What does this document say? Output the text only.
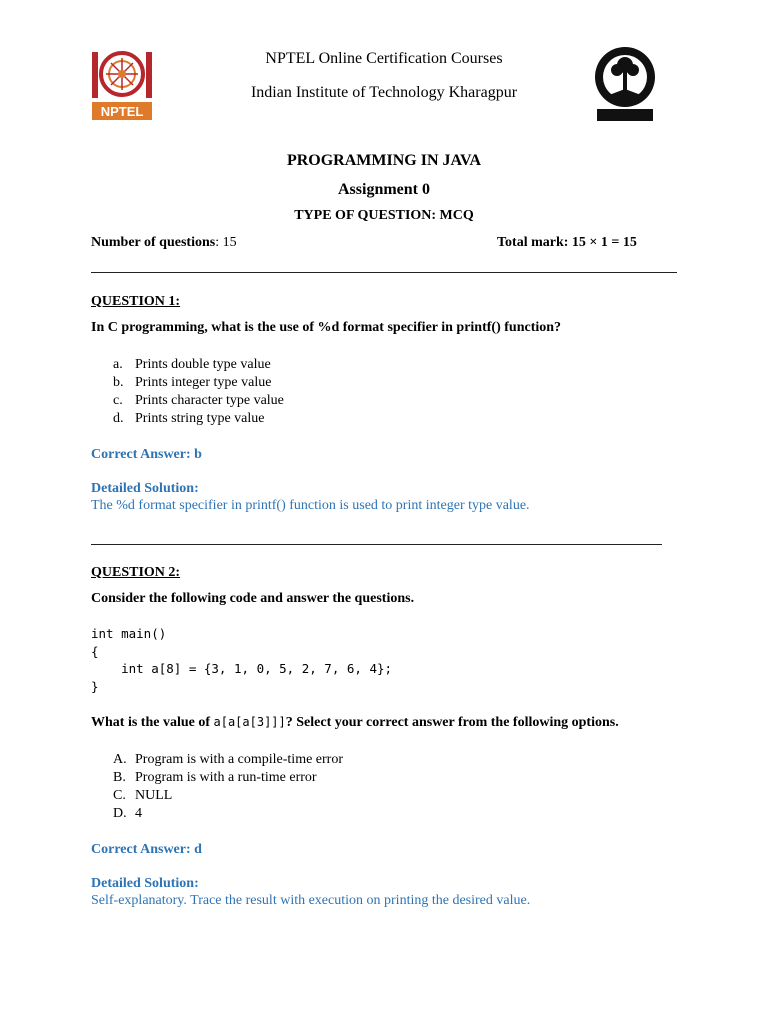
NPTEL
NPTEL Online Certification Courses
Indian Institute of Technology Kharagpur
PROGRAMMING IN JAVA
Assignment 0
TYPE OF QUESTION: MCQ
Number of questions: 15	Total mark: 15 × 1 = 15
QUESTION 1:
In C programming, what is the use of %d format specifier in printf() function?
a. Prints double type value
b. Prints integer type value
c. Prints character type value
d. Prints string type value
Correct Answer: b
Detailed Solution:
The %d format specifier in printf() function is used to print integer type value.
QUESTION 2:
Consider the following code and answer the questions.
int main()
{
int a[8] = {3, 1, 0, 5, 2, 7, 6, 4};
}
What is the value of a[a[a[3]]]? Select your correct answer from the following options.
A. Program is with a compile-time error
B. Program is with a run-time error
C. NULL
D. 4
Correct Answer: d
Detailed Solution:
Self-explanatory. Trace the result with execution on printing the desired value.
